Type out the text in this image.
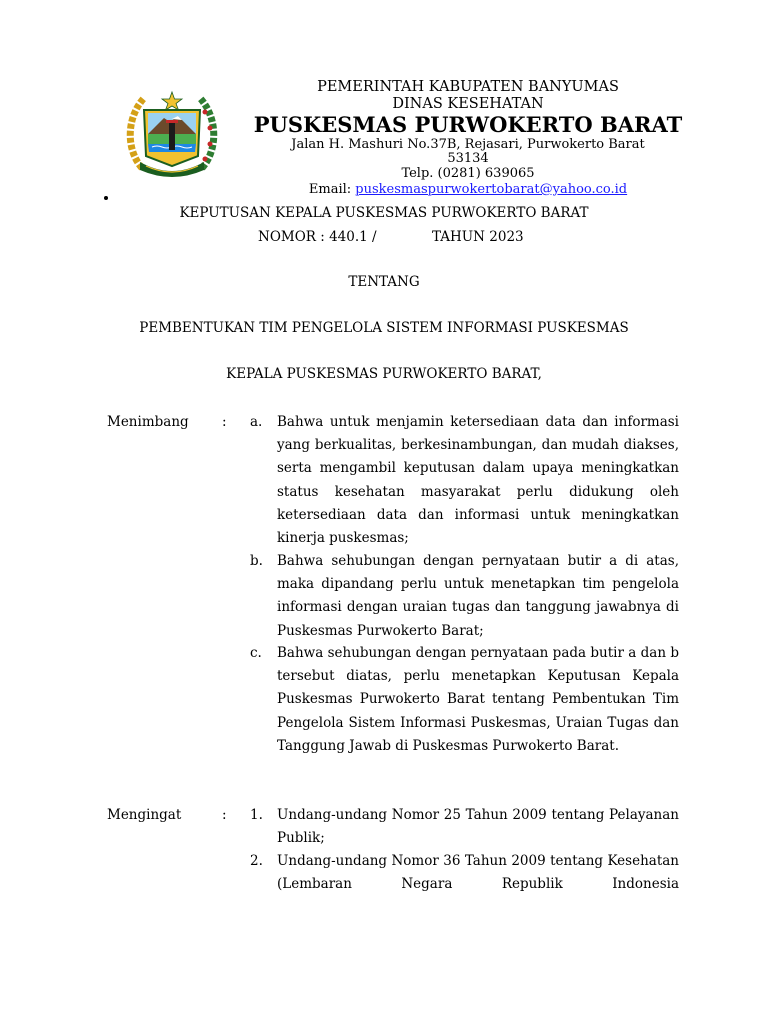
PEMERINTAH KABUPATEN BANYUMAS
DINAS KESEHATAN
PUSKESMAS PURWOKERTO BARAT
Jalan H. Mashuri No.37B, Rejasari, Purwokerto Barat
53134
Telp. (0281) 639065
Email: puskesmaspurwokertobarat@yahoo.co.id
KEPUTUSAN KEPALA PUSKESMAS PURWOKERTO BARAT
NOMOR : 440.1 /	TAHUN 2023
TENTANG
PEMBENTUKAN TIM PENGELOLA SISTEM INFORMASI PUSKESMAS
KEPALA PUSKESMAS PURWOKERTO BARAT,
Menimbang : a. Bahwa untuk menjamin ketersediaan data dan informasi yang berkualitas, berkesinambungan, dan mudah diakses, serta mengambil keputusan dalam upaya meningkatkan status kesehatan masyarakat perlu didukung oleh ketersediaan data dan informasi untuk meningkatkan kinerja puskesmas;
b. Bahwa sehubungan dengan pernyataan butir a di atas, maka dipandang perlu untuk menetapkan tim pengelola informasi dengan uraian tugas dan tanggung jawabnya di Puskesmas Purwokerto Barat;
c. Bahwa sehubungan dengan pernyataan pada butir a dan b tersebut diatas, perlu menetapkan Keputusan Kepala Puskesmas Purwokerto Barat tentang Pembentukan Tim Pengelola Sistem Informasi Puskesmas, Uraian Tugas dan Tanggung Jawab di Puskesmas Purwokerto Barat.
Mengingat	: 1. Undang-undang Nomor 25 Tahun 2009 tentang Pelayanan Publik;
2. Undang-undang Nomor 36 Tahun 2009 tentang Kesehatan (Lembaran Negara Republik Indonesia
